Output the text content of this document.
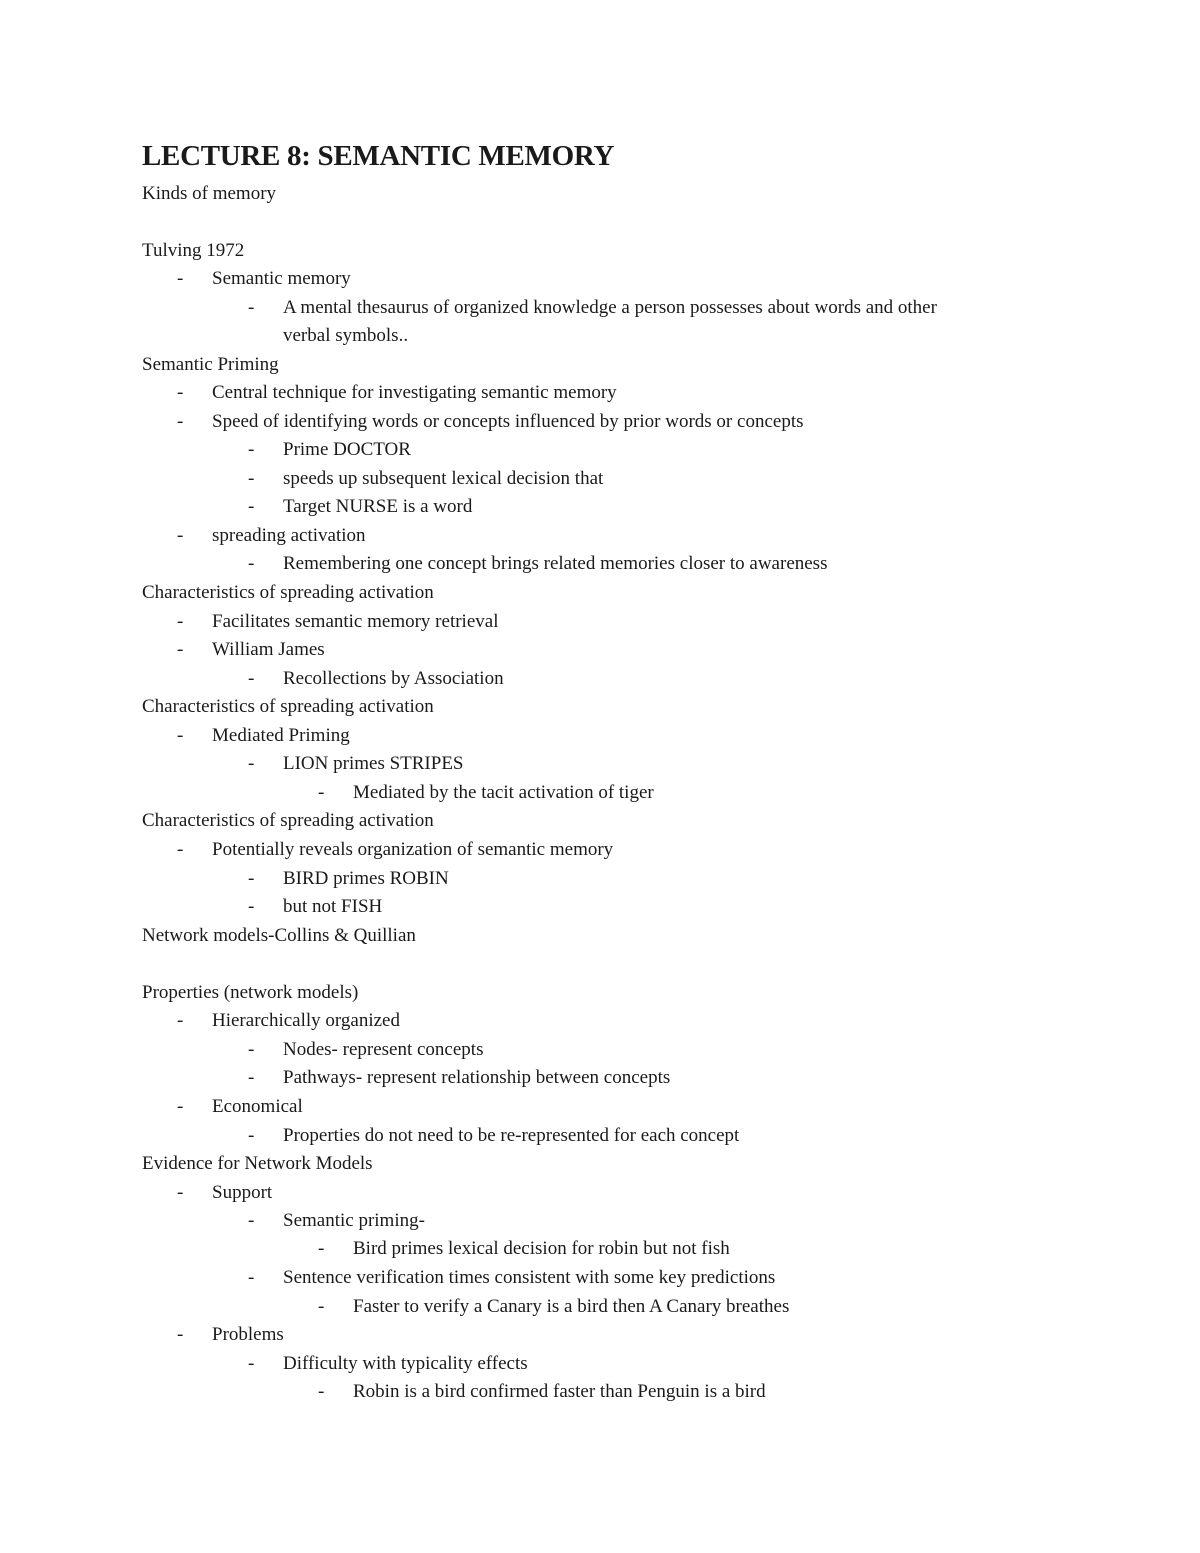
LECTURE 8: SEMANTIC MEMORY
Kinds of memory
Tulving 1972
- Semantic memory
- A mental thesaurus of organized knowledge a person possesses about words and other
verbal symbols..
Semantic Priming
- Central technique for investigating semantic memory
- Speed of identifying words or concepts influenced by prior words or concepts
- Prime DOCTOR
- speeds up subsequent lexical decision that
- Target NURSE is a word
- spreading activation
- Remembering one concept brings related memories closer to awareness
Characteristics of spreading activation
- Facilitates semantic memory retrieval
- William James
- Recollections by Association
Characteristics of spreading activation
- Mediated Priming
- LION primes STRIPES
- Mediated by the tacit activation of tiger
Characteristics of spreading activation
- Potentially reveals organization of semantic memory
- BIRD primes ROBIN
- but not FISH
Network models-Collins & Quillian
Properties (network models)
- Hierarchically organized
- Nodes- represent concepts
- Pathways- represent relationship between concepts
- Economical
- Properties do not need to be re-represented for each concept
Evidence for Network Models
- Support
- Semantic priming-
- Bird primes lexical decision for robin but not fish
- Sentence verification times consistent with some key predictions
- Faster to verify a Canary is a bird then A Canary breathes
- Problems
- Difficulty with typicality effects
- Robin is a bird confirmed faster than Penguin is a bird
